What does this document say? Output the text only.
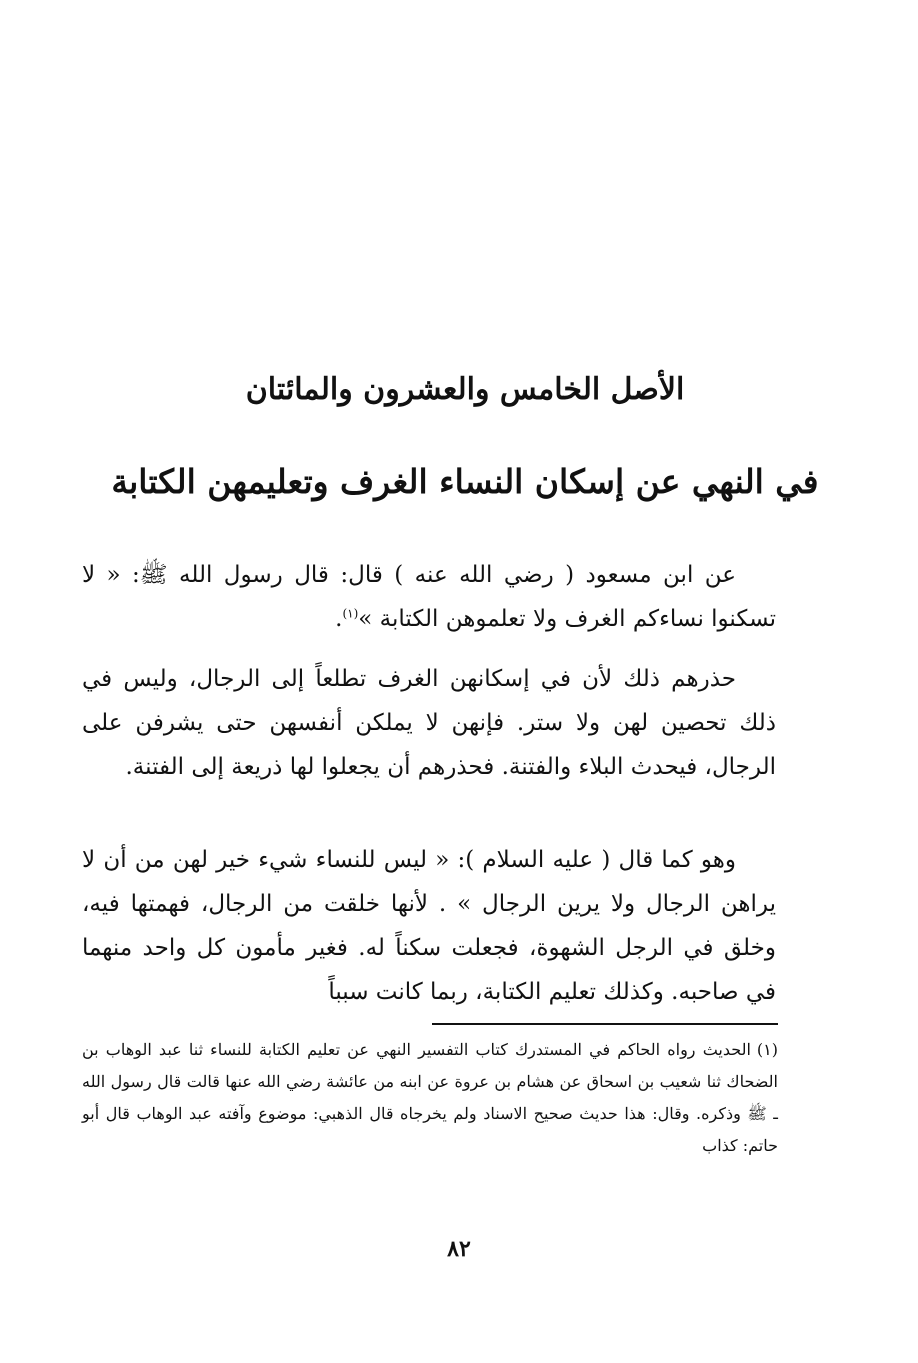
الأصل الخامس والعشرون والمائتان
في النهي عن إسكان النساء الغرف وتعليمهن الكتابة

عن ابن مسعود ( رضي الله عنه ) قال: قال رسول الله ﷺ: « لا تسكنوا نساءكم الغرف ولا تعلموهن الكتابة »$^{(١)}$.

حذرهم ذلك لأن في إسكانهن الغرف تطلعاً إلى الرجال، وليس في ذلك تحصين لهن ولا ستر. فإنهن لا يملكن أنفسهن حتى يشرفن على الرجال، فيحدث البلاء والفتنة. فحذرهم أن يجعلوا لها ذريعة إلى الفتنة.

وهو كما قال ( عليه السلام ): « ليس للنساء شيء خير لهن من أن لا يراهن الرجال ولا يرين الرجال » . لأنها خلقت من الرجال، فهمتها فيه، وخلق في الرجل الشهوة، فجعلت سكناً له. فغير مأمون كل واحد منهما في صاحبه. وكذلك تعليم الكتابة، ربما كانت سبباً

(١)الحديث رواه الحاكم في المستدرك كتاب التفسير النهي عن تعليم الكتابة للنساء ثنا عبد الوهاب بن الضحاك ثنا شعيب بن اسحاق عن هشام بن عروة عن ابنه من عائشة رضي الله عنها قالت قال رسول الله ـ ﷺ وذكره. وقال: هذا حديث صحيح الاسناد ولم يخرجاه قال الذهبي: موضوع وآفته عبد الوهاب قال أبو حاتم: كذاب

٨٢
